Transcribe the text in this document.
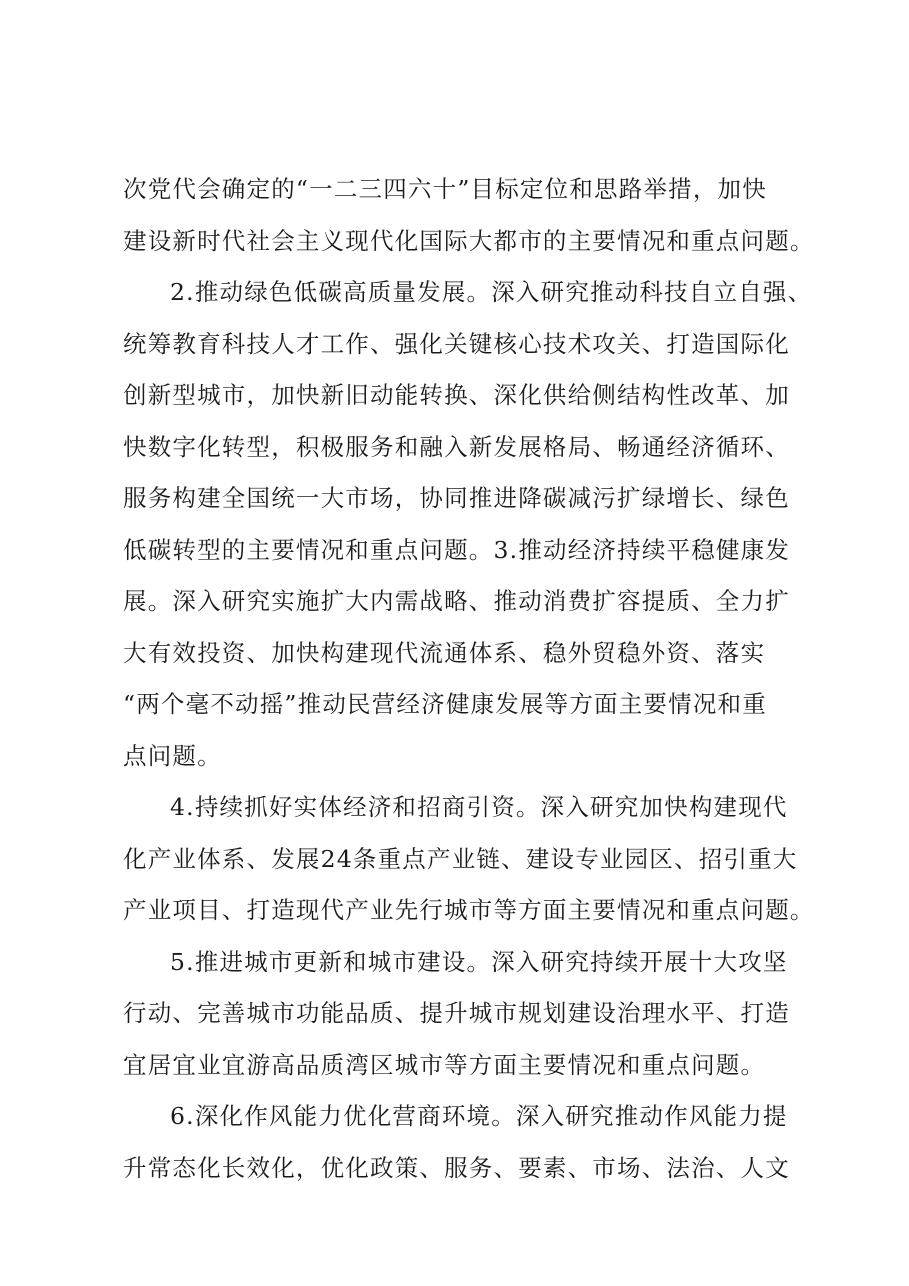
次党代会确定的“一二三四六十”目标定位和思路举措，加快

建设新时代社会主义现代化国际大都市的主要情况和重点问题。

2.推动绿色低碳高质量发展。深入研究推动科技自立自强、

统筹教育科技人才工作、强化关键核心技术攻关、打造国际化

创新型城市，加快新旧动能转换、深化供给侧结构性改革、加

快数字化转型，积极服务和融入新发展格局、畅通经济循环、

服务构建全国统一大市场，协同推进降碳减污扩绿增长、绿色

低碳转型的主要情况和重点问题。3.推动经济持续平稳健康发

展。深入研究实施扩大内需战略、推动消费扩容提质、全力扩

大有效投资、加快构建现代流通体系、稳外贸稳外资、落实

“两个毫不动摇”推动民营经济健康发展等方面主要情况和重

点问题。

4.持续抓好实体经济和招商引资。深入研究加快构建现代

化产业体系、发展24条重点产业链、建设专业园区、招引重大

产业项目、打造现代产业先行城市等方面主要情况和重点问题。

5.推进城市更新和城市建设。深入研究持续开展十大攻坚

行动、完善城市功能品质、提升城市规划建设治理水平、打造

宜居宜业宜游高品质湾区城市等方面主要情况和重点问题。

6.深化作风能力优化营商环境。深入研究推动作风能力提

升常态化长效化，优化政策、服务、要素、市场、法治、人文
